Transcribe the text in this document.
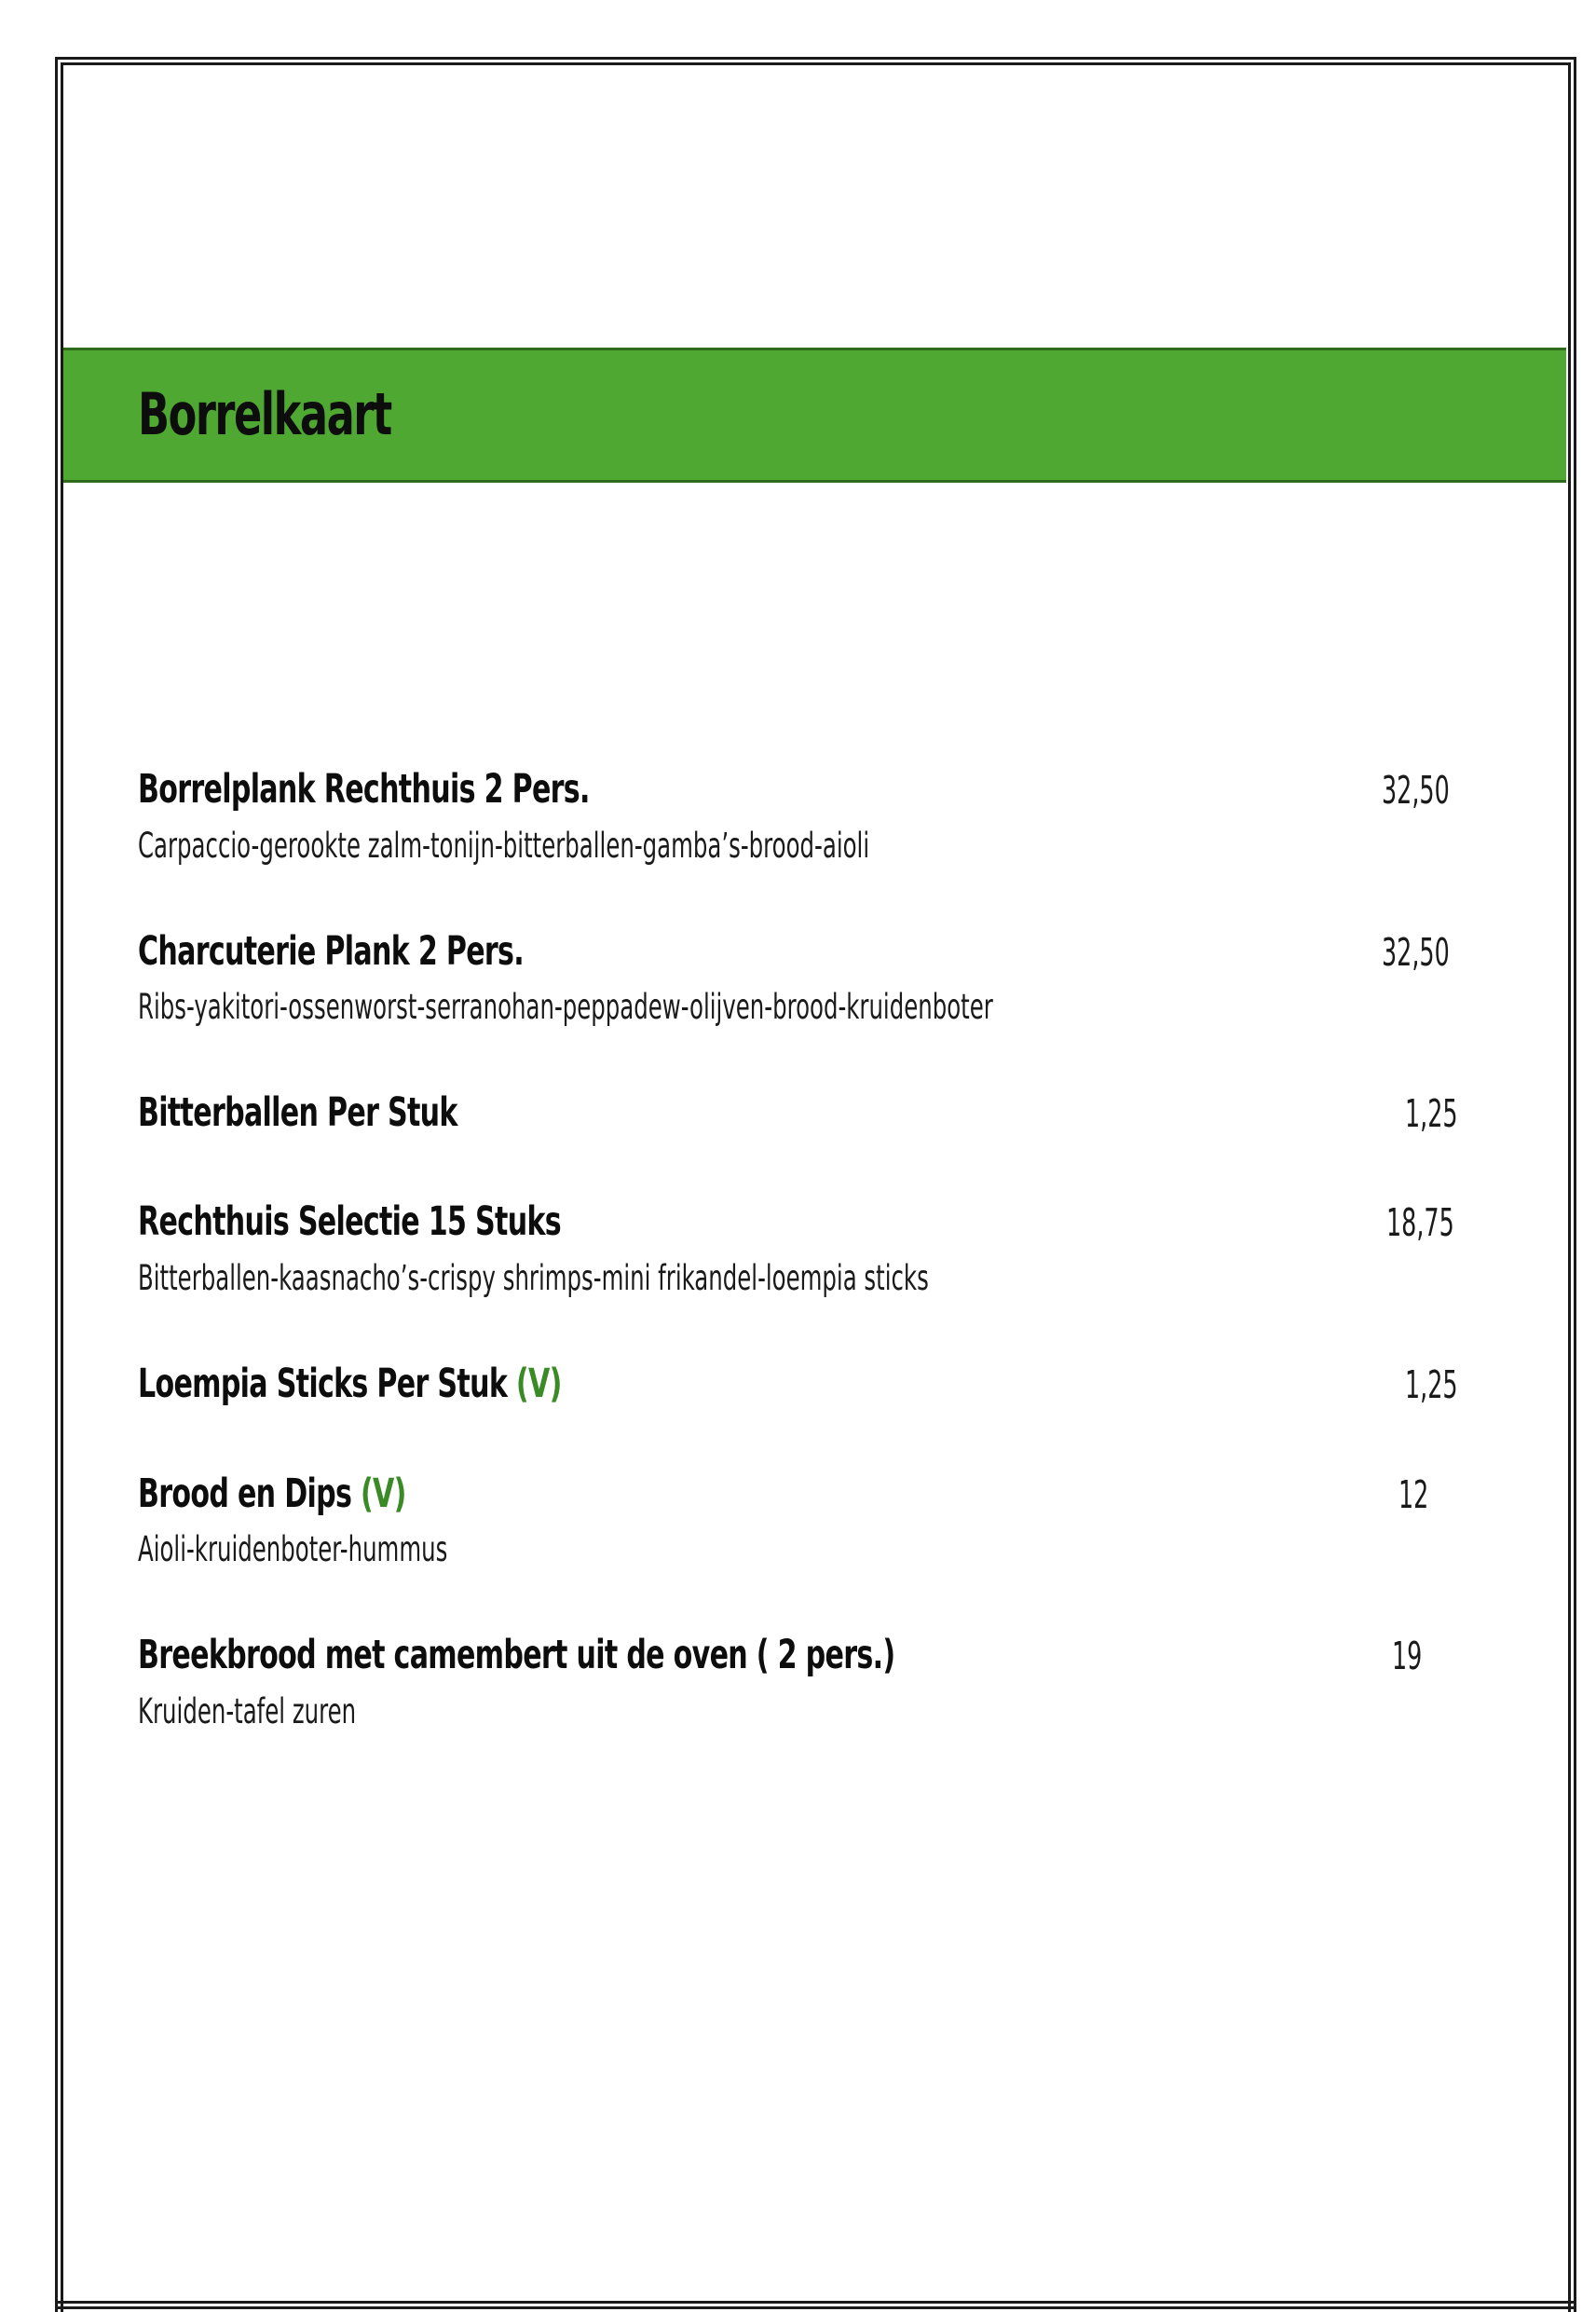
Borrelkaart
Borrelplank Rechthuis 2 Pers.	32,50
Carpaccio-gerookte zalm-tonijn-bitterballen-gamba’s-brood-aioli
Charcuterie Plank 2 Pers.	32,50
Ribs-yakitori-ossenworst-serranohan-peppadew-olijven-brood-kruidenboter
Bitterballen Per Stuk	1,25
Rechthuis Selectie 15 Stuks	18,75
Bitterballen-kaasnacho’s-crispy shrimps-mini frikandel-loempia sticks
Loempia Sticks Per Stuk (V)	1,25
Brood en Dips (V)	12
Aioli-kruidenboter-hummus
Breekbrood met camembert uit de oven ( 2 pers.)	19
Kruiden-tafel zuren
